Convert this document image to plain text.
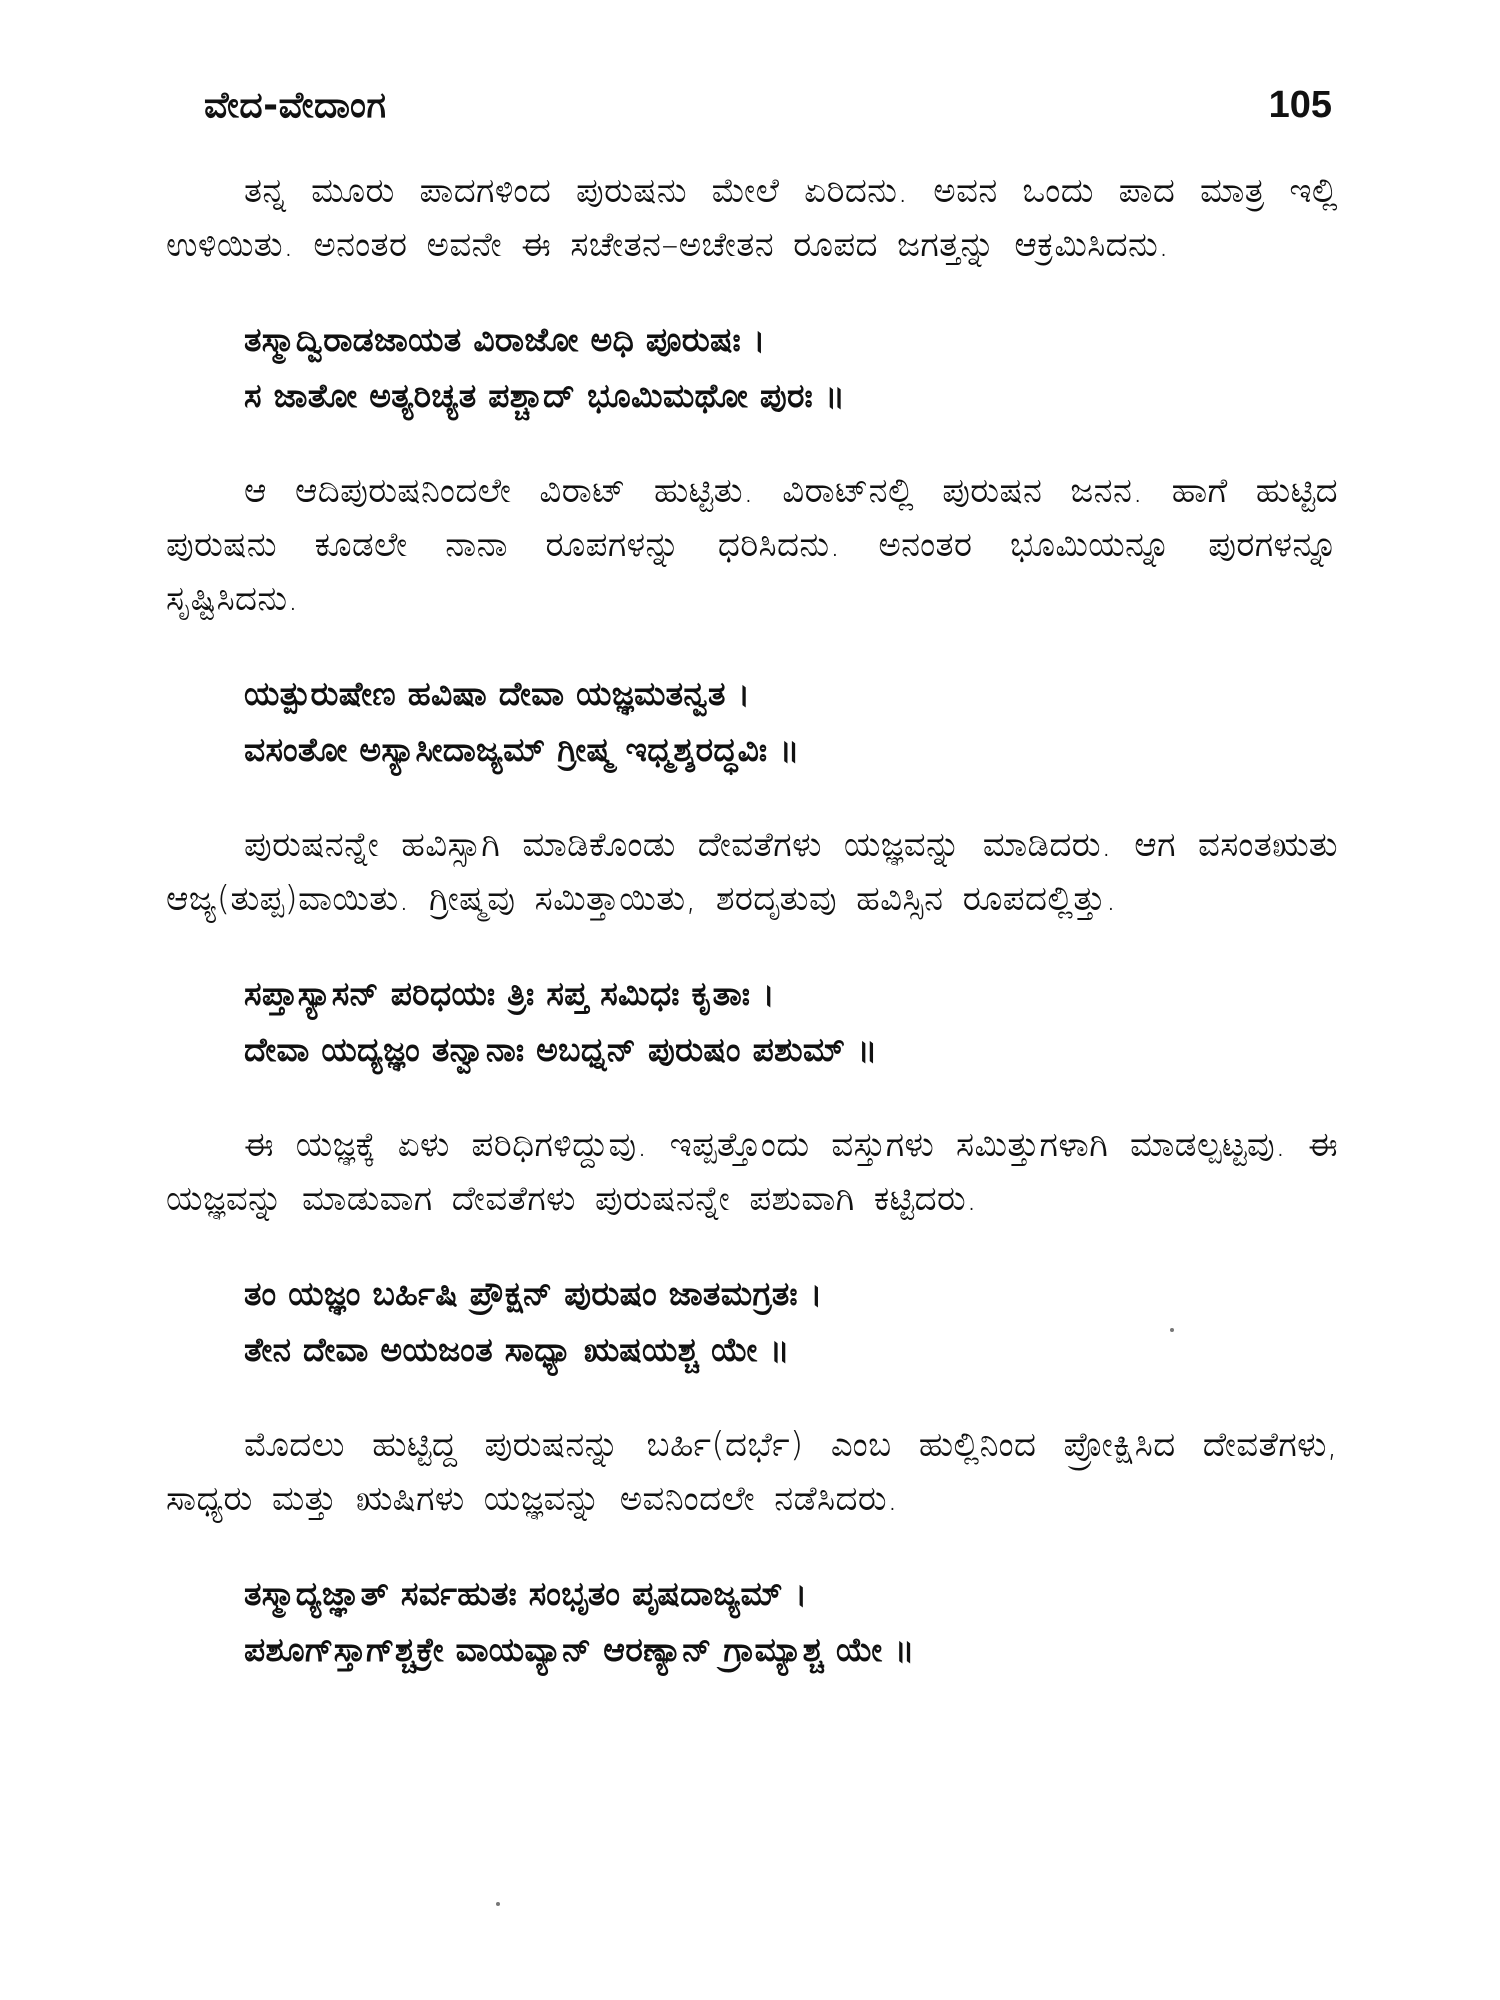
ವೇದ-ವೇದಾಂಗ	105

ತನ್ನ ಮೂರು ಪಾದಗಳಿಂದ ಪುರುಷನು ಮೇಲೆ ಏರಿದನು. ಅವನ ಒಂದು ಪಾದ ಮಾತ್ರ ಇಲ್ಲಿ ಉಳಿಯಿತು. ಅನಂತರ ಅವನೇ ಈ ಸಚೇತನ–ಅಚೇತನ ರೂಪದ ಜಗತ್ತನ್ನು ಆಕ್ರಮಿಸಿದನು.

ತಸ್ಮಾದ್ವಿರಾಡಜಾಯತ ವಿರಾಜೋ ಅಧಿ ಪೂರುಷಃ ।
ಸ ಜಾತೋ ಅತ್ಯರಿಚ್ಯತ ಪಶ್ಚಾದ್ ಭೂಮಿಮಥೋ ಪುರಃ ॥

ಆ ಆದಿಪುರುಷನಿಂದಲೇ ವಿರಾಟ್ ಹುಟ್ಟಿತು. ವಿರಾಟ್‌ನಲ್ಲಿ ಪುರುಷನ ಜನನ. ಹಾಗೆ ಹುಟ್ಟಿದ ಪುರುಷನು ಕೂಡಲೇ ನಾನಾ ರೂಪಗಳನ್ನು ಧರಿಸಿದನು. ಅನಂತರ ಭೂಮಿಯನ್ನೂ ಪುರಗಳನ್ನೂ ಸೃಷ್ಟಿಸಿದನು.

ಯತ್ಪುರುಷೇಣ ಹವಿಷಾ ದೇವಾ ಯಜ್ಞಮತನ್ವತ ।
ವಸಂತೋ ಅಸ್ಯಾಸೀದಾಜ್ಯಮ್ ಗ್ರೀಷ್ಮ ಇಧ್ಮಶ್ಶರದ್ಧವಿಃ ॥

ಪುರುಷನನ್ನೇ ಹವಿಸ್ಸಾಗಿ ಮಾಡಿಕೊಂಡು ದೇವತೆಗಳು ಯಜ್ಞವನ್ನು ಮಾಡಿದರು. ಆಗ ವಸಂತಋತು ಆಜ್ಯ(ತುಪ್ಪ)ವಾಯಿತು. ಗ್ರೀಷ್ಮವು ಸಮಿತ್ತಾಯಿತು, ಶರದೃತುವು ಹವಿಸ್ಸಿನ ರೂಪದಲ್ಲಿತ್ತು.

ಸಪ್ತಾಸ್ಯಾಸನ್ ಪರಿಧಯಃ ತ್ರಿಃ ಸಪ್ತ ಸಮಿಧಃ ಕೃತಾಃ ।
ದೇವಾ ಯದ್ಯಜ್ಞಂ ತನ್ವಾನಾಃ ಅಬಧ್ನನ್ ಪುರುಷಂ ಪಶುಮ್ ॥

ಈ ಯಜ್ಞಕ್ಕೆ ಏಳು ಪರಿಧಿಗಳಿದ್ದುವು. ಇಪ್ಪತ್ತೊಂದು ವಸ್ತುಗಳು ಸಮಿತ್ತುಗಳಾಗಿ ಮಾಡಲ್ಪಟ್ಟವು. ಈ ಯಜ್ಞವನ್ನು ಮಾಡುವಾಗ ದೇವತೆಗಳು ಪುರುಷನನ್ನೇ ಪಶುವಾಗಿ ಕಟ್ಟಿದರು.

ತಂ ಯಜ್ಞಂ ಬರ್ಹಿಷಿ ಪ್ರೌಕ್ಷನ್ ಪುರುಷಂ ಜಾತಮಗ್ರತಃ ।
ತೇನ ದೇವಾ ಅಯಜಂತ ಸಾಧ್ಯಾ ಋಷಯಶ್ಚ ಯೇ ॥

ಮೊದಲು ಹುಟ್ಟಿದ್ದ ಪುರುಷನನ್ನು ಬರ್ಹಿ(ದರ್ಭೆ) ಎಂಬ ಹುಲ್ಲಿನಿಂದ ಪ್ರೋಕ್ಷಿಸಿದ ದೇವತೆಗಳು, ಸಾಧ್ಯರು ಮತ್ತು ಋಷಿಗಳು ಯಜ್ಞವನ್ನು ಅವನಿಂದಲೇ ನಡೆಸಿದರು.

ತಸ್ಮಾದ್ಯಜ್ಞಾತ್ ಸರ್ವಹುತಃ ಸಂಭೃತಂ ಪೃಷದಾಜ್ಯಮ್ ।
ಪಶೂಗ್‌ಸ್ತಾಗ್‌ಶ್ಚಕ್ರೇ ವಾಯವ್ಯಾನ್ ಆರಣ್ಯಾನ್ ಗ್ರಾಮ್ಯಾಶ್ಚ ಯೇ ॥
